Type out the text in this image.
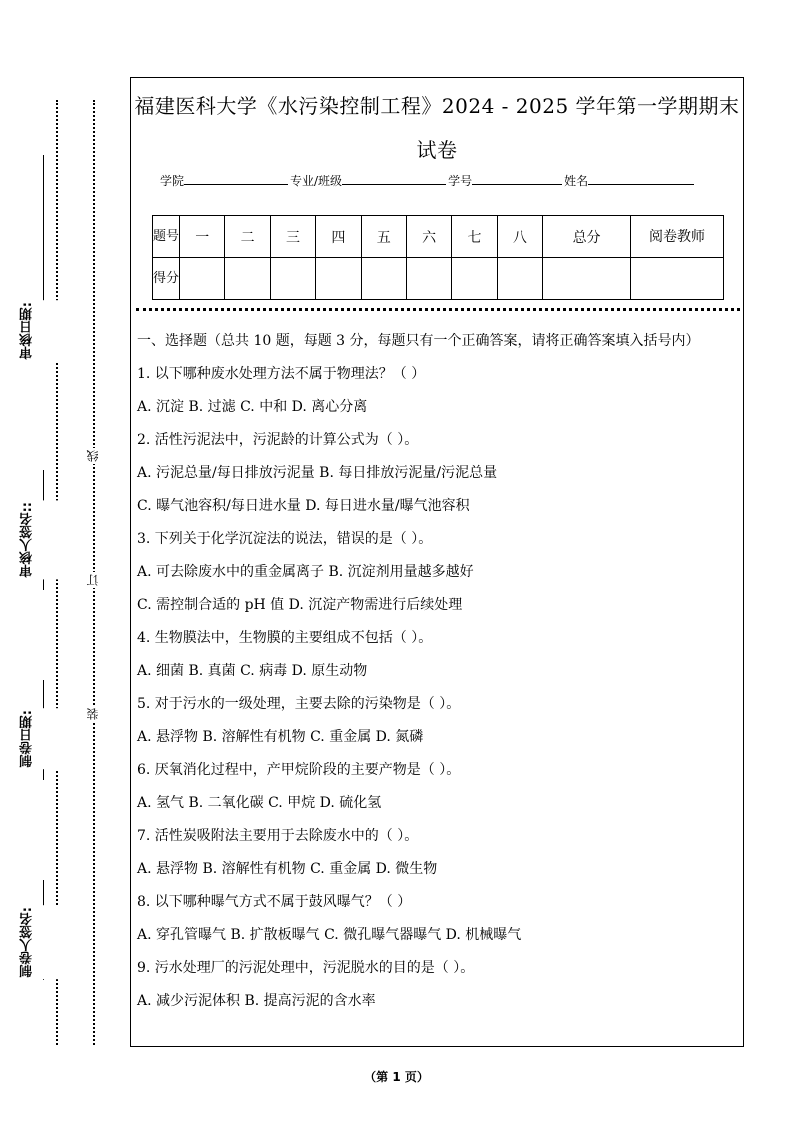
审核日期:
审核人签名::
制卷日期:
制卷人签名:
线
订
装
福建医科大学《水污染控制工程》2024 - 2025 学年第一学期期末
试卷
学院	专业/班级	学号	姓名
题号	一	二	三	四	五	六	七	八	总分	阅卷教师
得分										
一、选择题（总共 10 题，每题 3 分，每题只有一个正确答案，请将正确答案填入括号内）
1. 以下哪种废水处理方法不属于物理法？（ ）
A. 沉淀 B. 过滤 C. 中和 D. 离心分离
2. 活性污泥法中，污泥龄的计算公式为（ ）。
A. 污泥总量/每日排放污泥量 B. 每日排放污泥量/污泥总量
C. 曝气池容积/每日进水量 D. 每日进水量/曝气池容积
3. 下列关于化学沉淀法的说法，错误的是（ ）。
A. 可去除废水中的重金属离子 B. 沉淀剂用量越多越好
C. 需控制合适的 pH 值 D. 沉淀产物需进行后续处理
4. 生物膜法中，生物膜的主要组成不包括（ ）。
A. 细菌 B. 真菌 C. 病毒 D. 原生动物
5. 对于污水的一级处理，主要去除的污染物是（ ）。
A. 悬浮物 B. 溶解性有机物 C. 重金属 D. 氮磷
6. 厌氧消化过程中，产甲烷阶段的主要产物是（ ）。
A. 氢气 B. 二氧化碳 C. 甲烷 D. 硫化氢
7. 活性炭吸附法主要用于去除废水中的（ ）。
A. 悬浮物 B. 溶解性有机物 C. 重金属 D. 微生物
8. 以下哪种曝气方式不属于鼓风曝气？（ ）
A. 穿孔管曝气 B. 扩散板曝气 C. 微孔曝气器曝气 D. 机械曝气
9. 污水处理厂的污泥处理中，污泥脱水的目的是（ ）。
A. 减少污泥体积 B. 提高污泥的含水率
（第 1 页）
